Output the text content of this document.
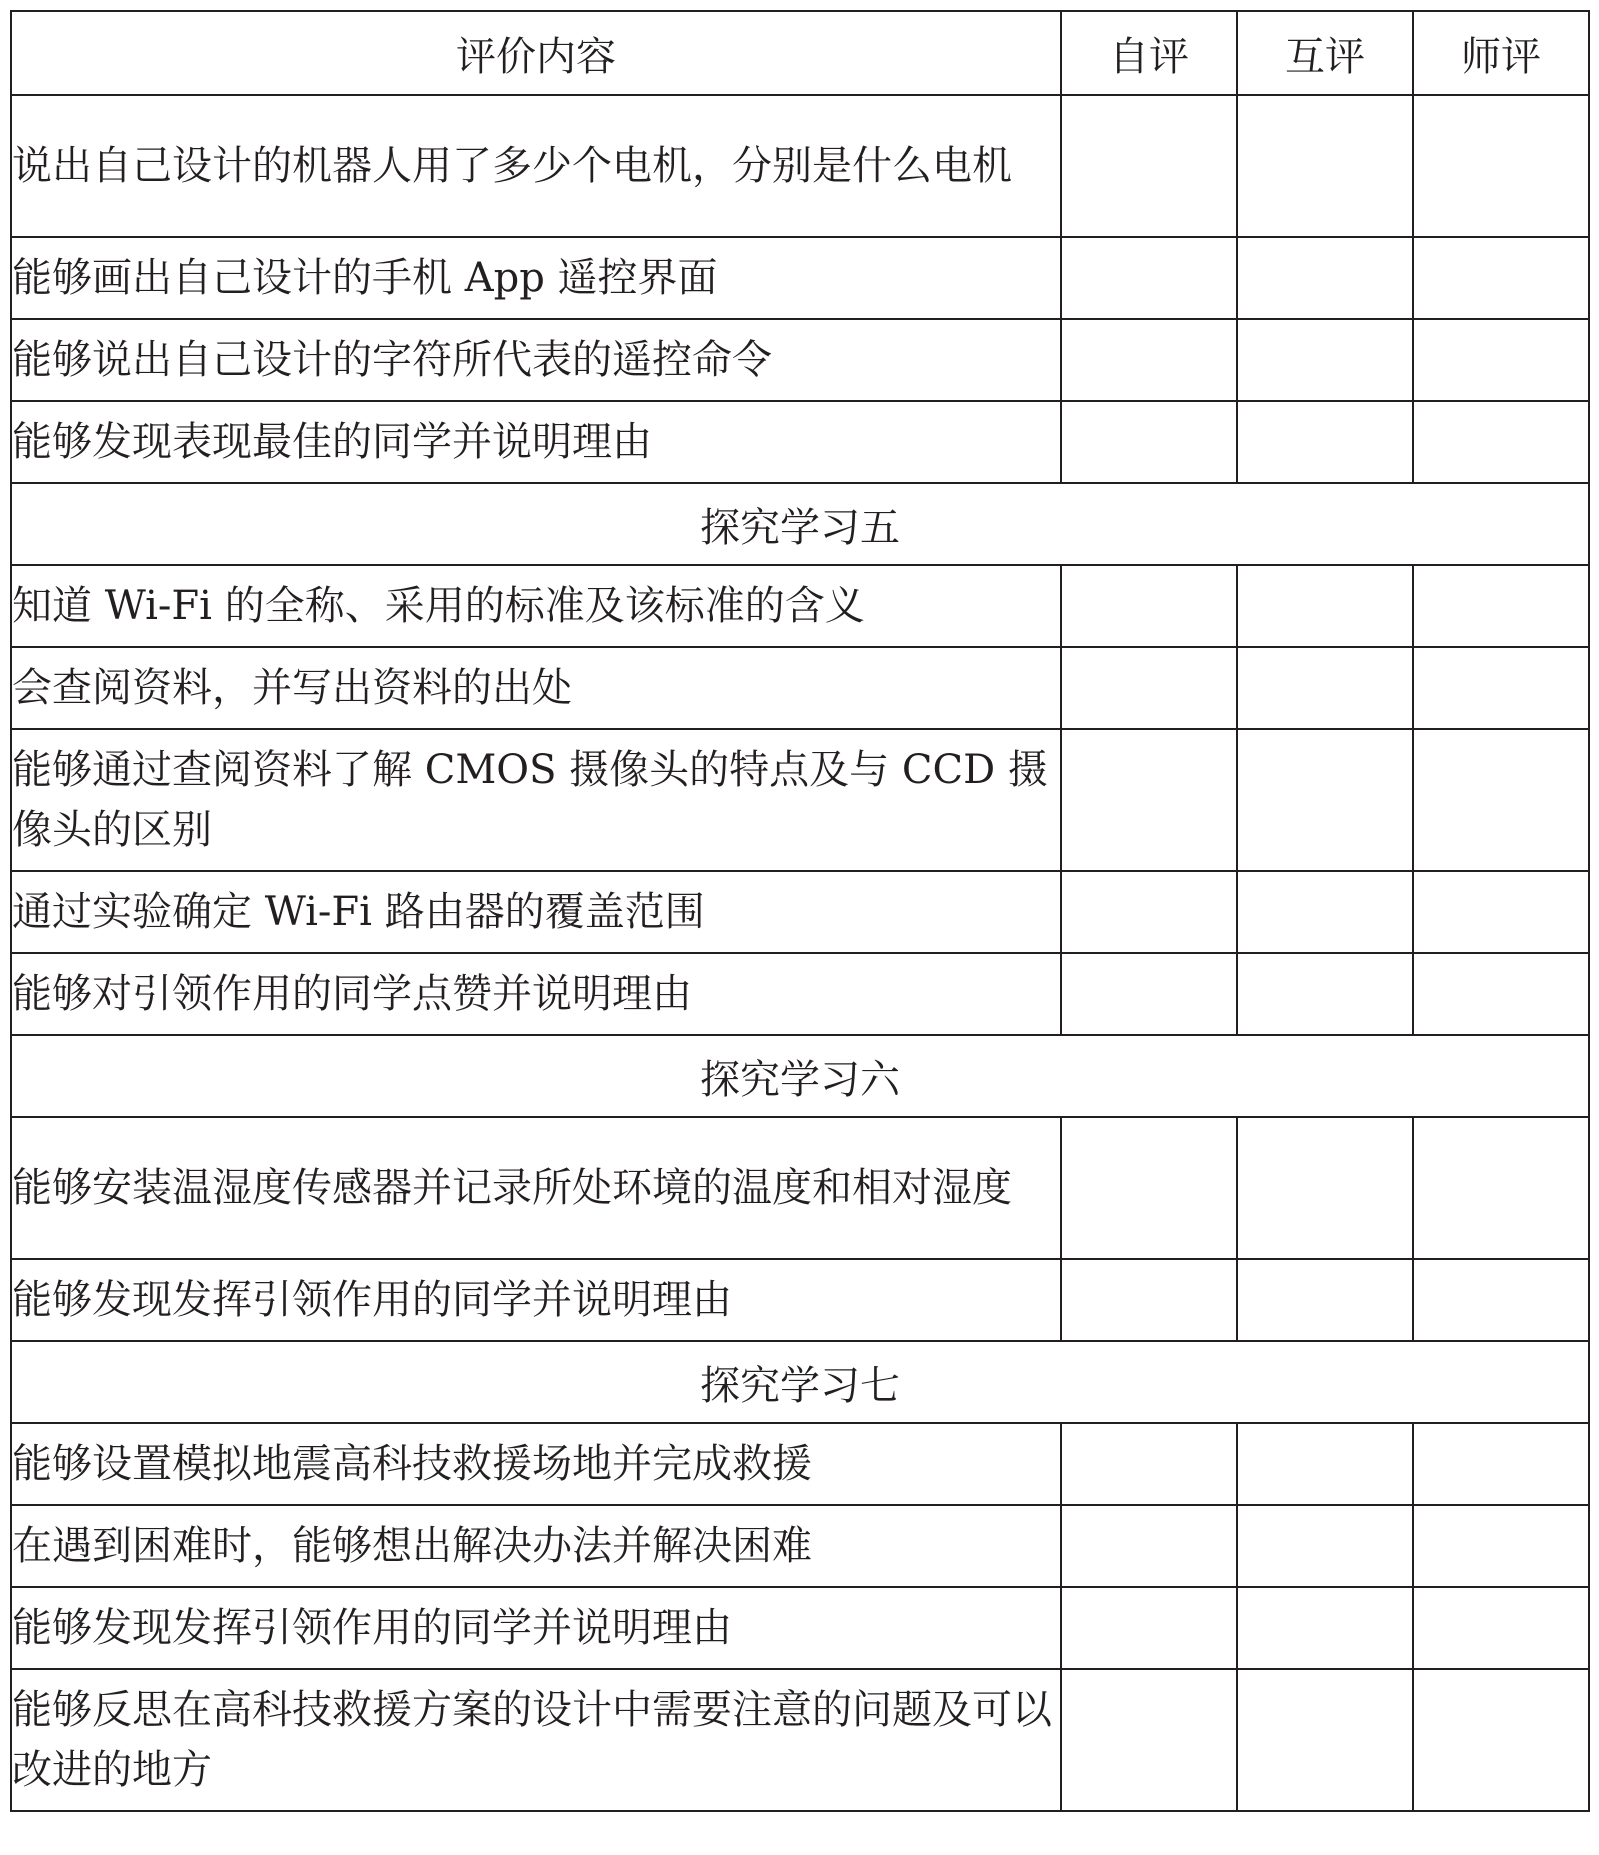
评价内容	自评	互评	师评
说出自己设计的机器人用了多少个电机，分别是什么电机			
能够画出自己设计的手机 App 遥控界面			
能够说出自己设计的字符所代表的遥控命令			
能够发现表现最佳的同学并说明理由			
探究学习五			
知道 Wi-Fi 的全称、采用的标准及该标准的含义			
会查阅资料，并写出资料的出处			
能够通过查阅资料了解 CMOS 摄像头的特点及与 CCD 摄像头的区别			
通过实验确定 Wi-Fi 路由器的覆盖范围			
能够对引领作用的同学点赞并说明理由			
探究学习六			
能够安装温湿度传感器并记录所处环境的温度和相对湿度			
能够发现发挥引领作用的同学并说明理由			
探究学习七			
能够设置模拟地震高科技救援场地并完成救援			
在遇到困难时，能够想出解决办法并解决困难			
能够发现发挥引领作用的同学并说明理由			
能够反思在高科技救援方案的设计中需要注意的问题及可以改进的地方			
